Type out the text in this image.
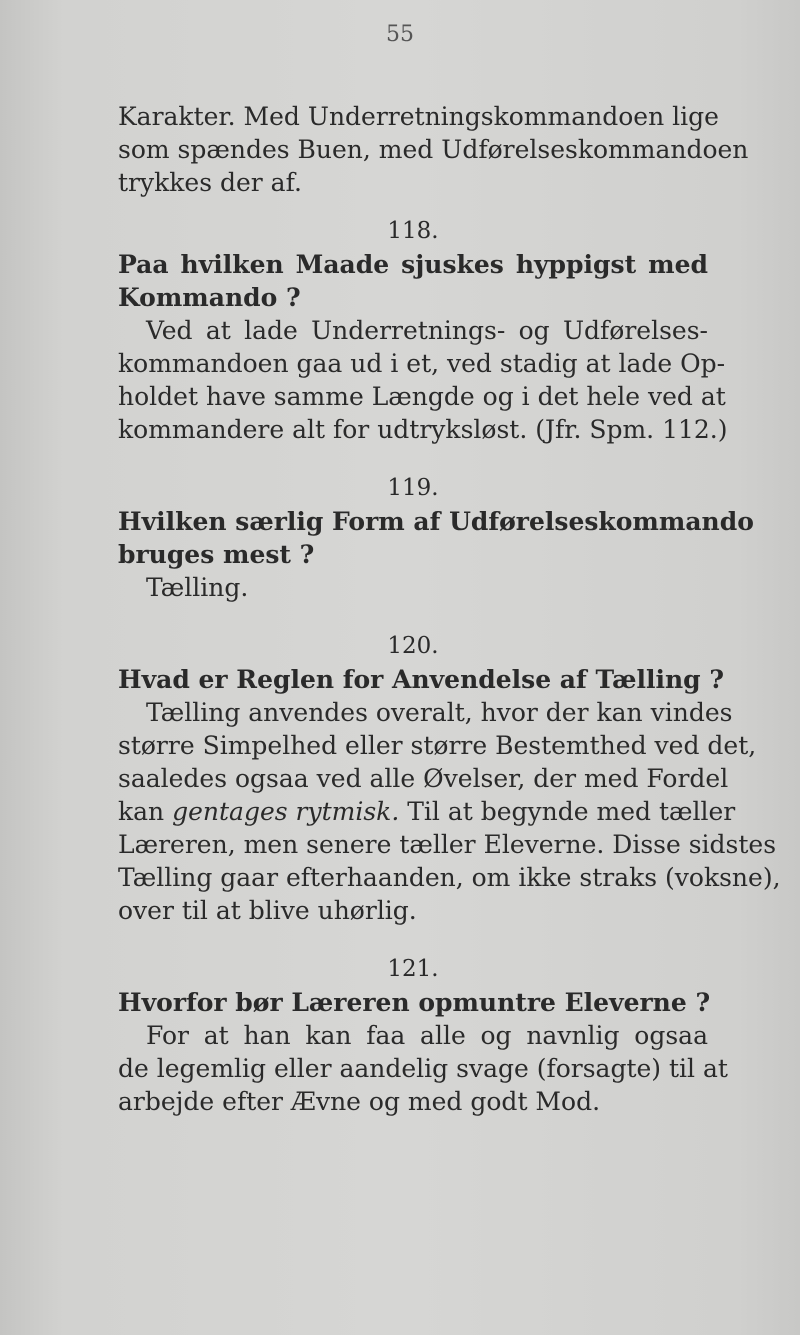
55
Karakter. Med Underretningskommandoen lige
som spændes Buen, med Udførelseskommandoen
trykkes der af.
118.
Paa hvilken Maade sjuskes hyppigst med
Kommando ?
Ved at lade Underretnings- og Udførelses-
kommandoen gaa ud i et, ved stadig at lade Op-
holdet have samme Længde og i det hele ved at
kommandere alt for udtryksløst. (Jfr. Spm. 112.)
119.
Hvilken særlig Form af Udførelseskommando
bruges mest ?
Tælling.
120.
Hvad er Reglen for Anvendelse af Tælling ?
Tælling anvendes overalt, hvor der kan vindes
større Simpelhed eller større Bestemthed ved det,
saaledes ogsaa ved alle Øvelser, der med Fordel
kan gentages rytmisk. Til at begynde med tæller
Læreren, men senere tæller Eleverne. Disse sidstes
Tælling gaar efterhaanden, om ikke straks (voksne),
over til at blive uhørlig.
121.
Hvorfor bør Læreren opmuntre Eleverne ?
For at han kan faa alle og navnlig ogsaa
de legemlig eller aandelig svage (forsagte) til at
arbejde efter Ævne og med godt Mod.
